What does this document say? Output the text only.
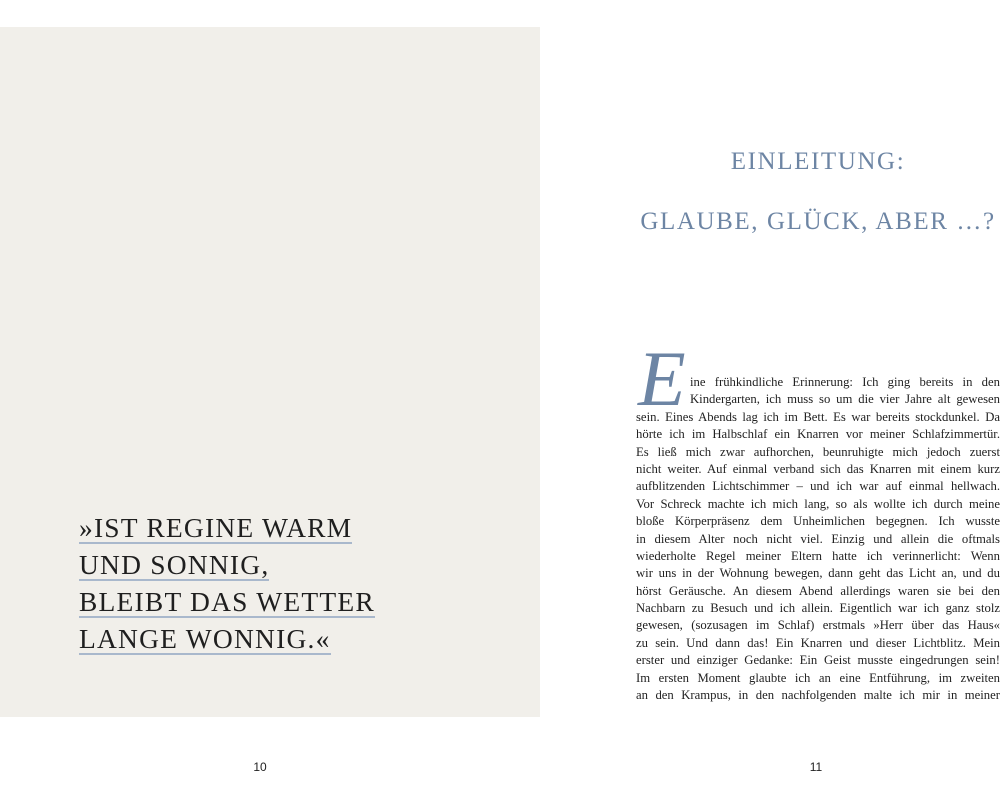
»IST REGINE WARM
UND SONNIG,
BLEIBT DAS WETTER
LANGE WONNIG.«
10
EINLEITUNG:
GLAUBE, GLÜCK, ABER …?
E ine frühkindliche Erinnerung: Ich ging bereits in den
Kindergarten, ich muss so um die vier Jahre alt gewesen
sein. Eines Abends lag ich im Bett. Es war bereits stockdunkel. Da
hörte ich im Halbschlaf ein Knarren vor meiner Schlafzimmertür.
Es ließ mich zwar aufhorchen, beunruhigte mich jedoch zuerst
nicht weiter. Auf einmal verband sich das Knarren mit einem kurz
aufblitzenden Lichtschimmer – und ich war auf einmal hellwach.
Vor Schreck machte ich mich lang, so als wollte ich durch meine
bloße Körperpräsenz dem Unheimlichen begegnen. Ich wusste
in diesem Alter noch nicht viel. Einzig und allein die oftmals
wiederholte Regel meiner Eltern hatte ich verinnerlicht: Wenn
wir uns in der Wohnung bewegen, dann geht das Licht an, und du
hörst Geräusche. An diesem Abend allerdings waren sie bei den
Nachbarn zu Besuch und ich allein. Eigentlich war ich ganz stolz
gewesen, (sozusagen im Schlaf) erstmals »Herr über das Haus«
zu sein. Und dann das! Ein Knarren und dieser Lichtblitz. Mein
erster und einziger Gedanke: Ein Geist musste eingedrungen sein!
Im ersten Moment glaubte ich an eine Entführung, im zweiten
an den Krampus, in den nachfolgenden malte ich mir in meiner
11
